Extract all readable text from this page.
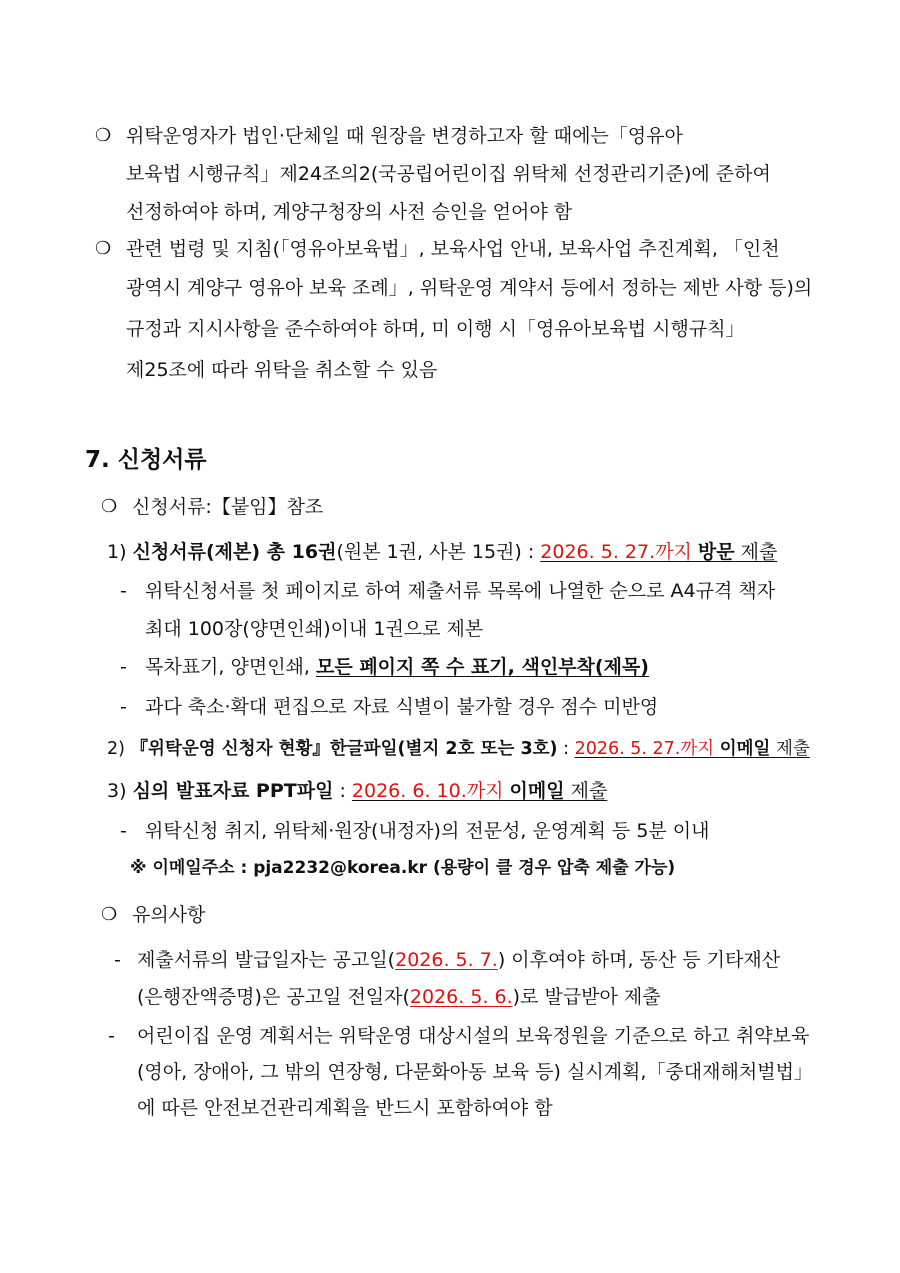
❍ 위탁운영자가 법인·단체일 때 원장을 변경하고자 할 때에는「영유아
보육법 시행규칙」제24조의2(국공립어린이집 위탁체 선정관리기준)에 준하여
선정하여야 하며, 계양구청장의 사전 승인을 얻어야 함
❍ 관련 법령 및 지침(「영유아보육법」, 보육사업 안내, 보육사업 추진계획, 「인천
광역시 계양구 영유아 보육 조례」, 위탁운영 계약서 등에서 정하는 제반 사항 등)의
규정과 지시사항을 준수하여야 하며, 미 이행 시「영유아보육법 시행규칙」
제25조에 따라 위탁을 취소할 수 있음
7. 신청서류
❍ 신청서류:【붙임】참조
1) 신청서류(제본) 총 16권(원본 1권, 사본 15권) : 2026. 5. 27.까지 방문 제출
- 위탁신청서를 첫 페이지로 하여 제출서류 목록에 나열한 순으로 A4규격 책자
최대 100장(양면인쇄)이내 1권으로 제본
- 목차표기, 양면인쇄, 모든 페이지 쪽 수 표기, 색인부착(제목)
- 과다 축소·확대 편집으로 자료 식별이 불가할 경우 점수 미반영
2) 『위탁운영 신청자 현황』한글파일(별지 2호 또는 3호) : 2026. 5. 27.까지 이메일 제출
3) 심의 발표자료 PPT파일 : 2026. 6. 10.까지 이메일 제출
- 위탁신청 취지, 위탁체·원장(내정자)의 전문성, 운영계획 등 5분 이내
※ 이메일주소 : pja2232@korea.kr (용량이 클 경우 압축 제출 가능)
❍ 유의사항
- 제출서류의 발급일자는 공고일(2026. 5. 7.) 이후여야 하며, 동산 등 기타재산
(은행잔액증명)은 공고일 전일자(2026. 5. 6.)로 발급받아 제출
- 어린이집 운영 계획서는 위탁운영 대상시설의 보육정원을 기준으로 하고 취약보육
(영아, 장애아, 그 밖의 연장형, 다문화아동 보육 등) 실시계획,「중대재해처벌법」
에 따른 안전보건관리계획을 반드시 포함하여야 함
